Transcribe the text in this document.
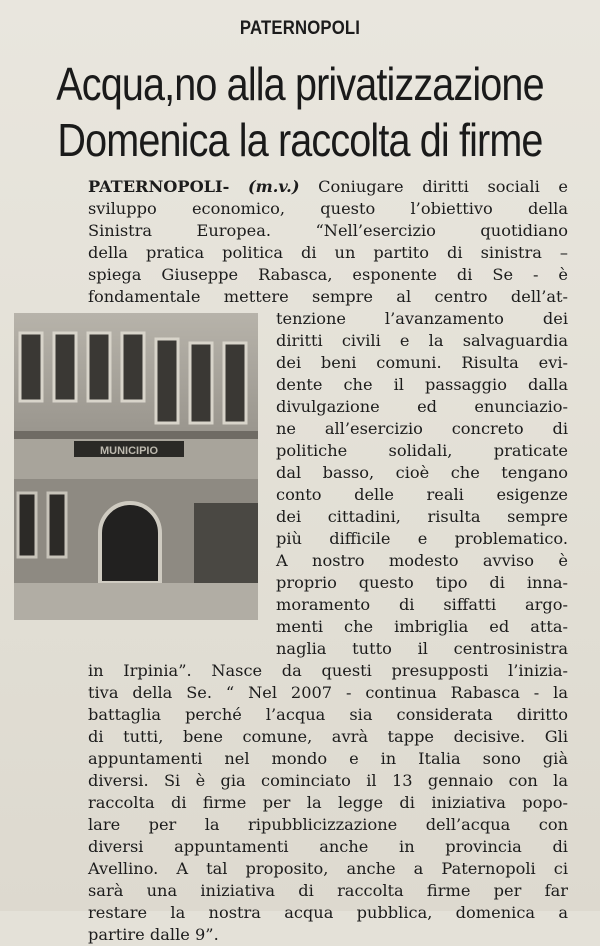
PATERNOPOLI
Acqua,no alla privatizzazione
Domenica la raccolta di firme
MUNICIPIO
PATERNOPOLI- (m.v.) Coniugare diritti sociali e
sviluppo economico, questo l’obiettivo della
Sinistra Europea. “Nell’esercizio quotidiano
della pratica politica di un partito di sinistra –
spiega Giuseppe Rabasca, esponente di Se - è
fondamentale mettere sempre al centro dell’at-
tenzione l’avanzamento dei
diritti civili e la salvaguardia
dei beni comuni. Risulta evi-
dente che il passaggio dalla
divulgazione ed enunciazio-
ne all’esercizio concreto di
politiche solidali, praticate
dal basso, cioè che tengano
conto delle reali esigenze
dei cittadini, risulta sempre
più difficile e problematico.
A nostro modesto avviso è
proprio questo tipo di inna-
moramento di siffatti argo-
menti che imbriglia ed atta-
naglia tutto il centrosinistra
in Irpinia”. Nasce da questi presupposti l’inizia-
tiva della Se. “ Nel 2007 - continua Rabasca - la
battaglia perché l’acqua sia considerata diritto
di tutti, bene comune, avrà tappe decisive. Gli
appuntamenti nel mondo e in Italia sono già
diversi. Si è gia cominciato il 13 gennaio con la
raccolta di firme per la legge di iniziativa popo-
lare per la ripubblicizzazione dell’acqua con
diversi appuntamenti anche in provincia di
Avellino. A tal proposito, anche a Paternopoli ci
sarà una iniziativa di raccolta firme per far
restare la nostra acqua pubblica, domenica a
partire dalle 9”.
